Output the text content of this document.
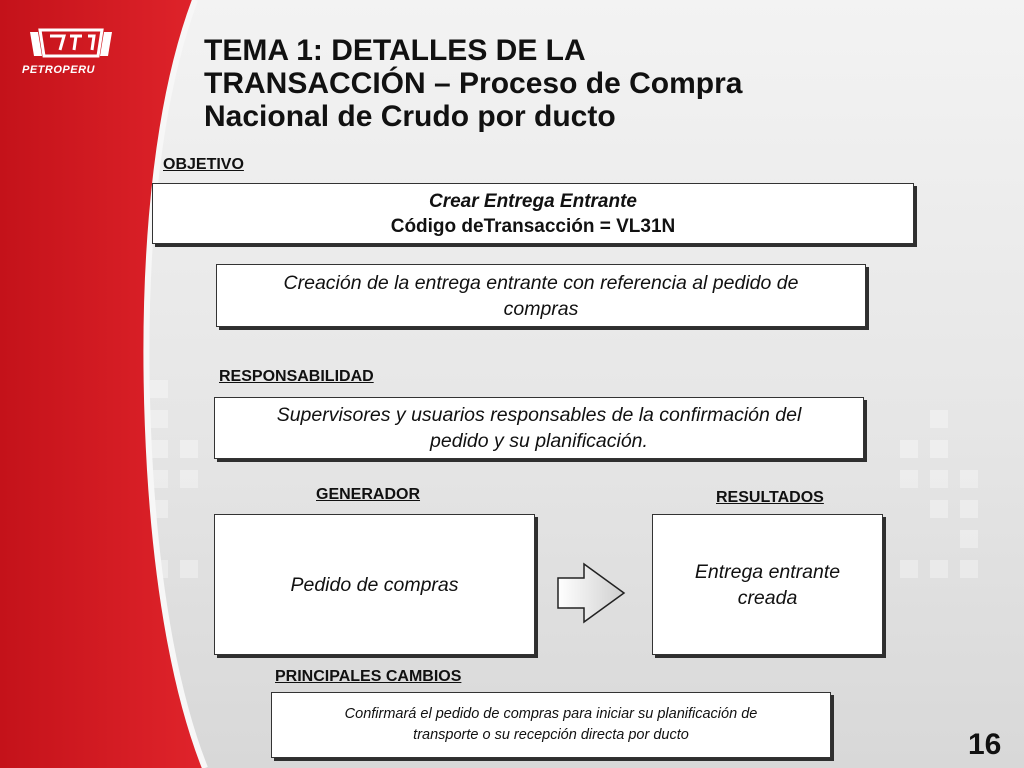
PETROPERU
TEMA 1: DETALLES DE LA
TRANSACCIÓN – Proceso de Compra
Nacional de Crudo por ducto
OBJETIVO
Crear Entrega Entrante
Código deTransacción = VL31N
Creación de la entrega entrante con referencia al pedido de
compras
RESPONSABILIDAD
Supervisores y usuarios responsables de la confirmación del
pedido y su planificación.
GENERADOR
Pedido de compras
RESULTADOS
Entrega entrante
creada
PRINCIPALES CAMBIOS
Confirmará el pedido de compras para iniciar su planificación de
transporte o su recepción directa por ducto	16
